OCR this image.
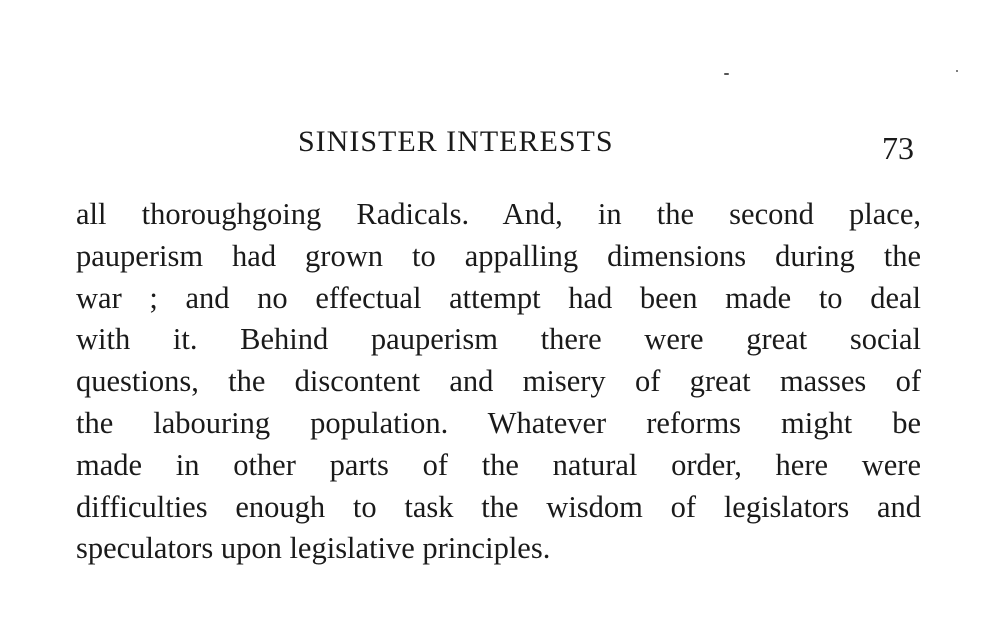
SINISTER INTERESTS	73
all thoroughgoing Radicals. And, in the second place,
pauperism had grown to appalling dimensions during the
war ; and no effectual attempt had been made to deal
with it. Behind pauperism there were great social
questions, the discontent and misery of great masses of
the labouring population. Whatever reforms might be
made in other parts of the natural order, here were
difficulties enough to task the wisdom of legislators and
speculators upon legislative principles.
